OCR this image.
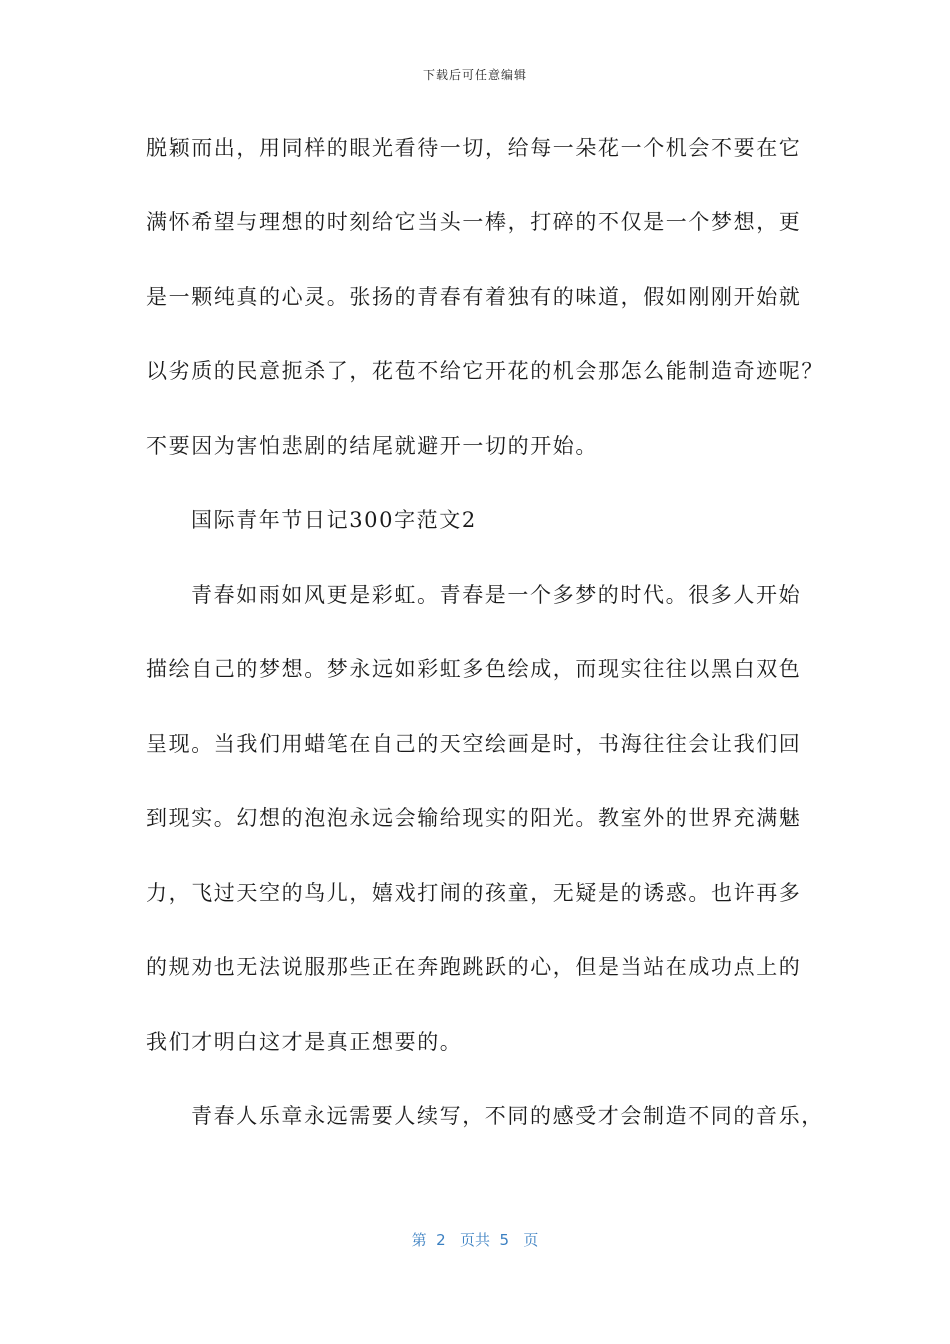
下载后可任意编辑
脱颖而出，用同样的眼光看待一切，给每一朵花一个机会不要在它
满怀希望与理想的时刻给它当头一棒，打碎的不仅是一个梦想，更
是一颗纯真的心灵。张扬的青春有着独有的味道，假如刚刚开始就
以劣质的民意扼杀了，花苞不给它开花的机会那怎么能制造奇迹呢？
不要因为害怕悲剧的结尾就避开一切的开始。
国际青年节日记300字范文2
青春如雨如风更是彩虹。青春是一个多梦的时代。很多人开始
描绘自己的梦想。梦永远如彩虹多色绘成，而现实往往以黑白双色
呈现。当我们用蜡笔在自己的天空绘画是时，书海往往会让我们回
到现实。幻想的泡泡永远会输给现实的阳光。教室外的世界充满魅
力，飞过天空的鸟儿，嬉戏打闹的孩童，无疑是的诱惑。也许再多
的规劝也无法说服那些正在奔跑跳跃的心，但是当站在成功点上的
我们才明白这才是真正想要的。
青春人乐章永远需要人续写，不同的感受才会制造不同的音乐，
第  2   页共  5   页
